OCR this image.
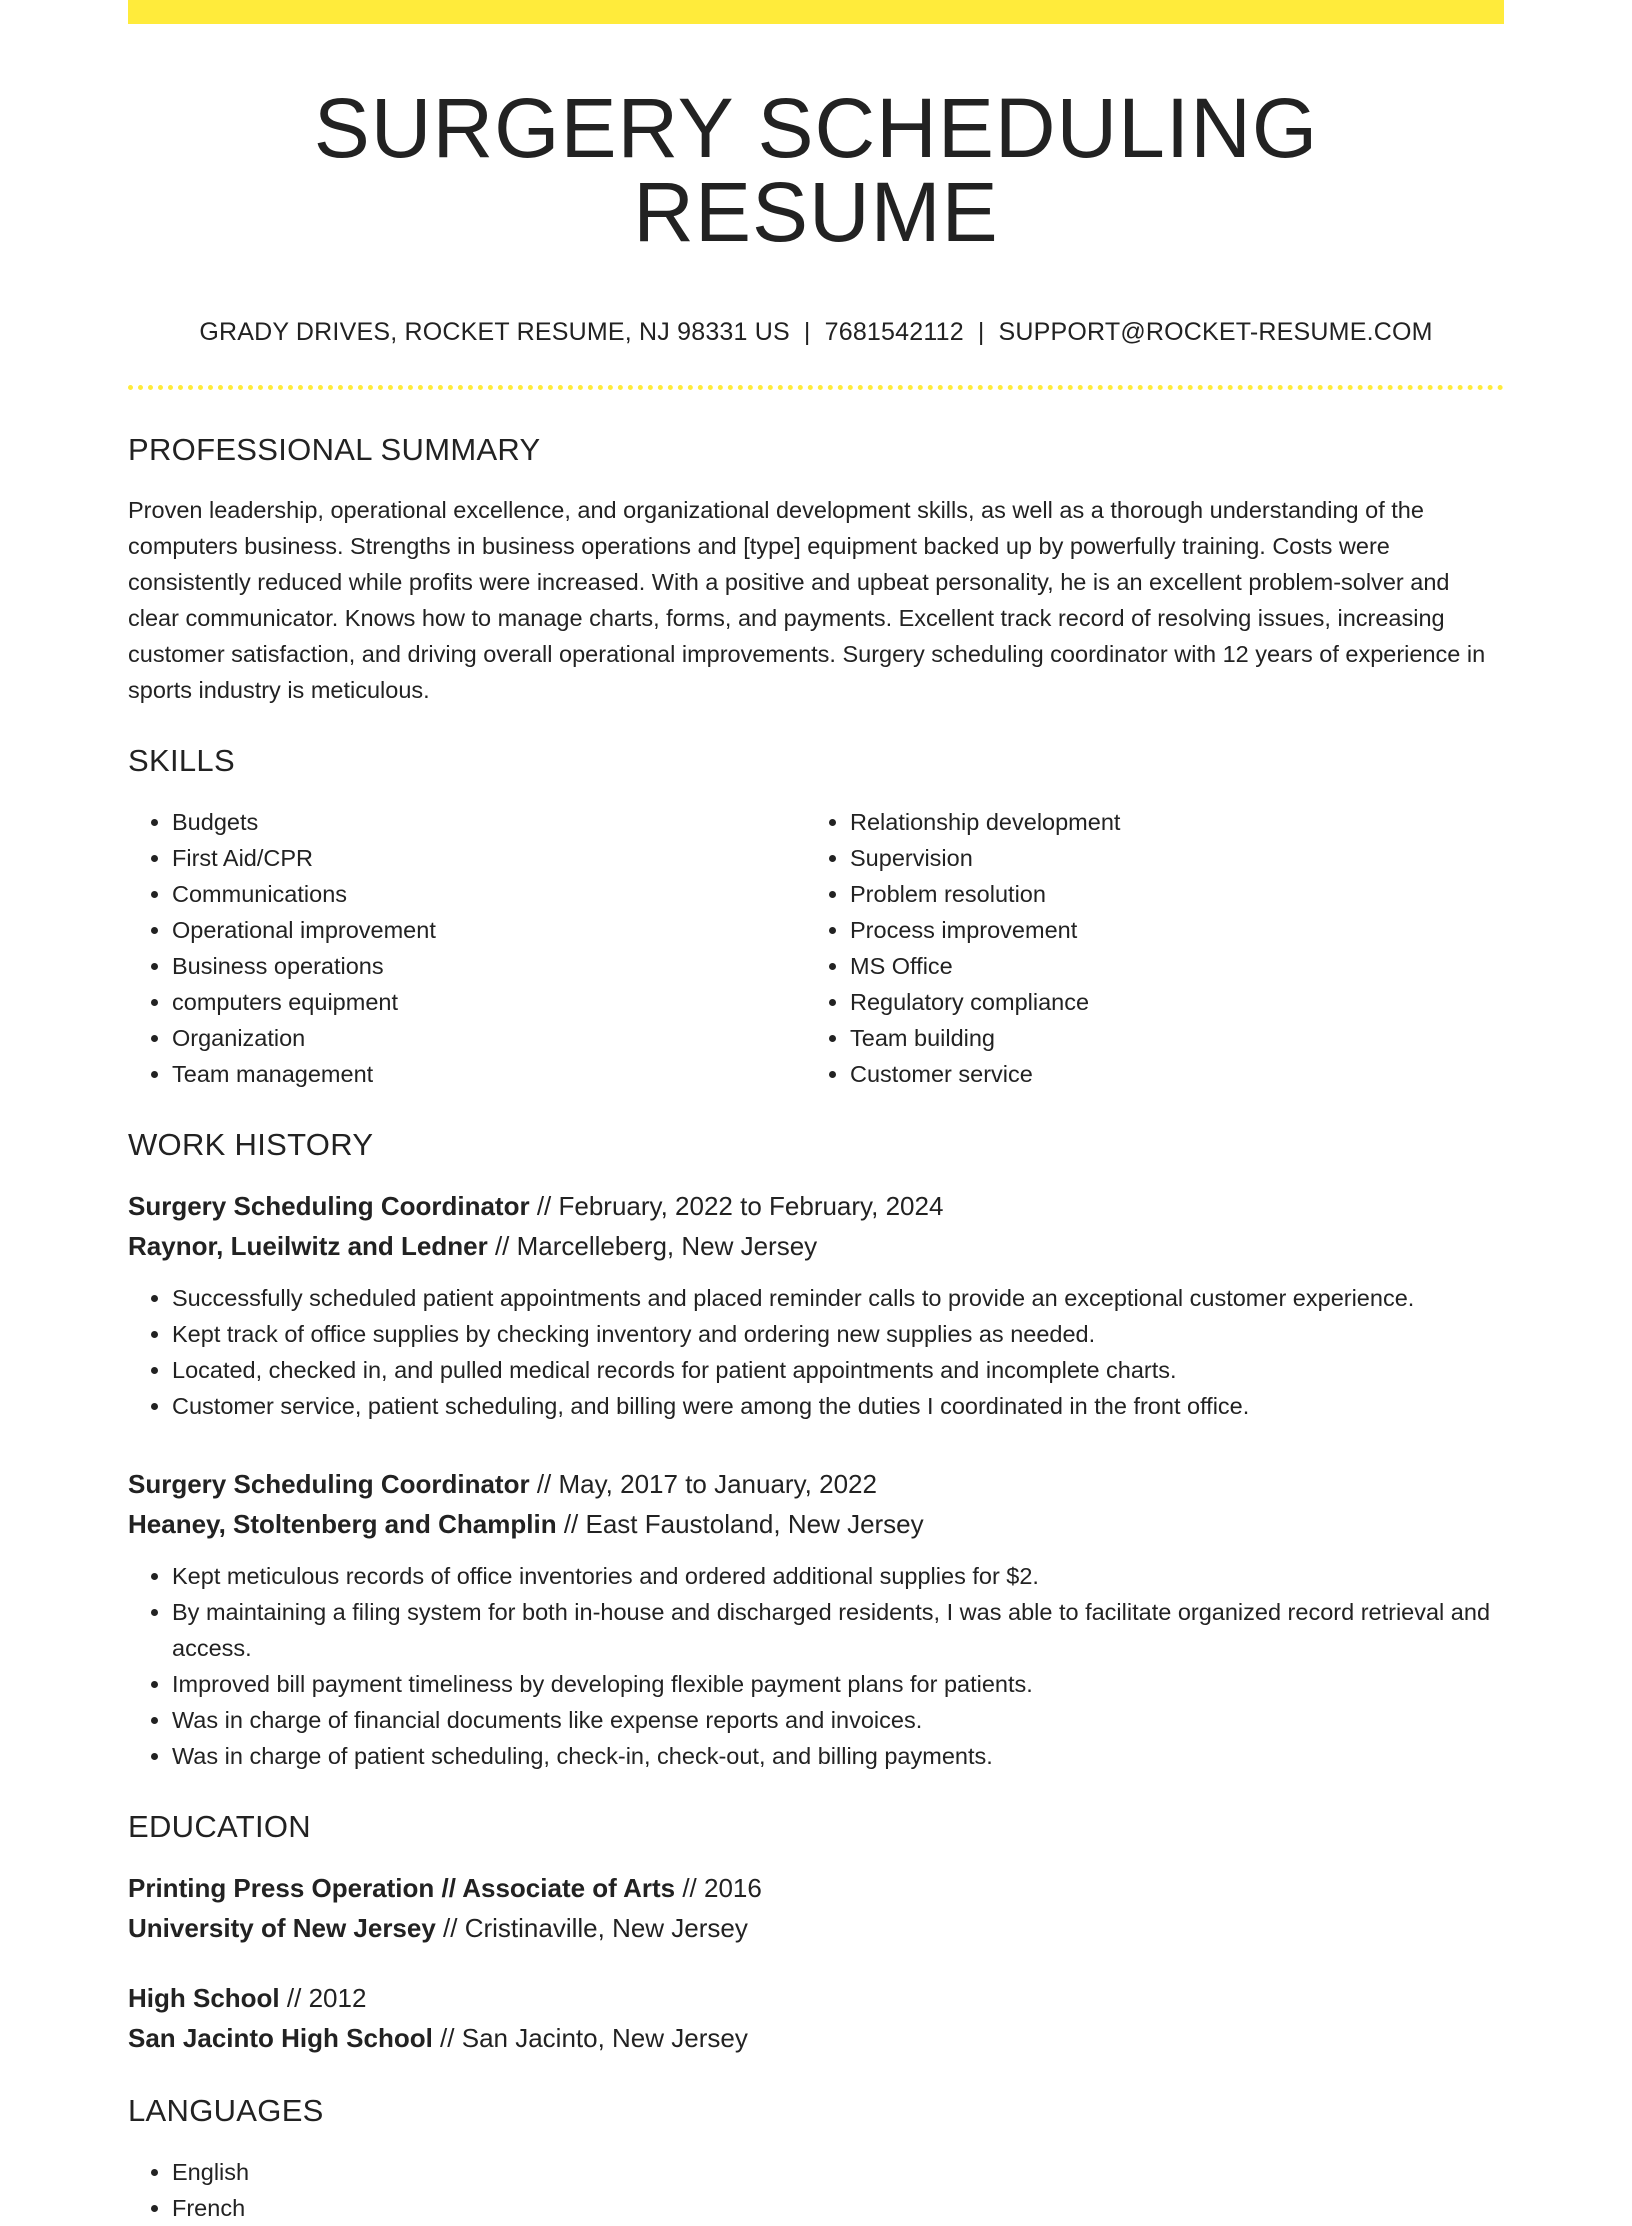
SURGERY SCHEDULING RESUME
GRADY DRIVES, ROCKET RESUME, NJ 98331 US | 7681542112 | SUPPORT@ROCKET-RESUME.COM
PROFESSIONAL SUMMARY
Proven leadership, operational excellence, and organizational development skills, as well as a thorough understanding of the computers business. Strengths in business operations and [type] equipment backed up by powerfully training. Costs were consistently reduced while profits were increased. With a positive and upbeat personality, he is an excellent problem-solver and clear communicator. Knows how to manage charts, forms, and payments. Excellent track record of resolving issues, increasing customer satisfaction, and driving overall operational improvements. Surgery scheduling coordinator with 12 years of experience in sports industry is meticulous.
SKILLS
• Budgets
• First Aid/CPR
• Communications
• Operational improvement
• Business operations
• computers equipment
• Organization
• Team management
• Relationship development
• Supervision
• Problem resolution
• Process improvement
• MS Office
• Regulatory compliance
• Team building
• Customer service
WORK HISTORY
Surgery Scheduling Coordinator // February, 2022 to February, 2024
Raynor, Lueilwitz and Ledner // Marcelleberg, New Jersey
• Successfully scheduled patient appointments and placed reminder calls to provide an exceptional customer experience.
• Kept track of office supplies by checking inventory and ordering new supplies as needed.
• Located, checked in, and pulled medical records for patient appointments and incomplete charts.
• Customer service, patient scheduling, and billing were among the duties I coordinated in the front office.
Surgery Scheduling Coordinator // May, 2017 to January, 2022
Heaney, Stoltenberg and Champlin // East Faustoland, New Jersey
• Kept meticulous records of office inventories and ordered additional supplies for $2.
• By maintaining a filing system for both in-house and discharged residents, I was able to facilitate organized record retrieval and access.
• Improved bill payment timeliness by developing flexible payment plans for patients.
• Was in charge of financial documents like expense reports and invoices.
• Was in charge of patient scheduling, check-in, check-out, and billing payments.
EDUCATION
Printing Press Operation // Associate of Arts // 2016
University of New Jersey // Cristinaville, New Jersey
High School // 2012
San Jacinto High School // San Jacinto, New Jersey
LANGUAGES
• English
• French
